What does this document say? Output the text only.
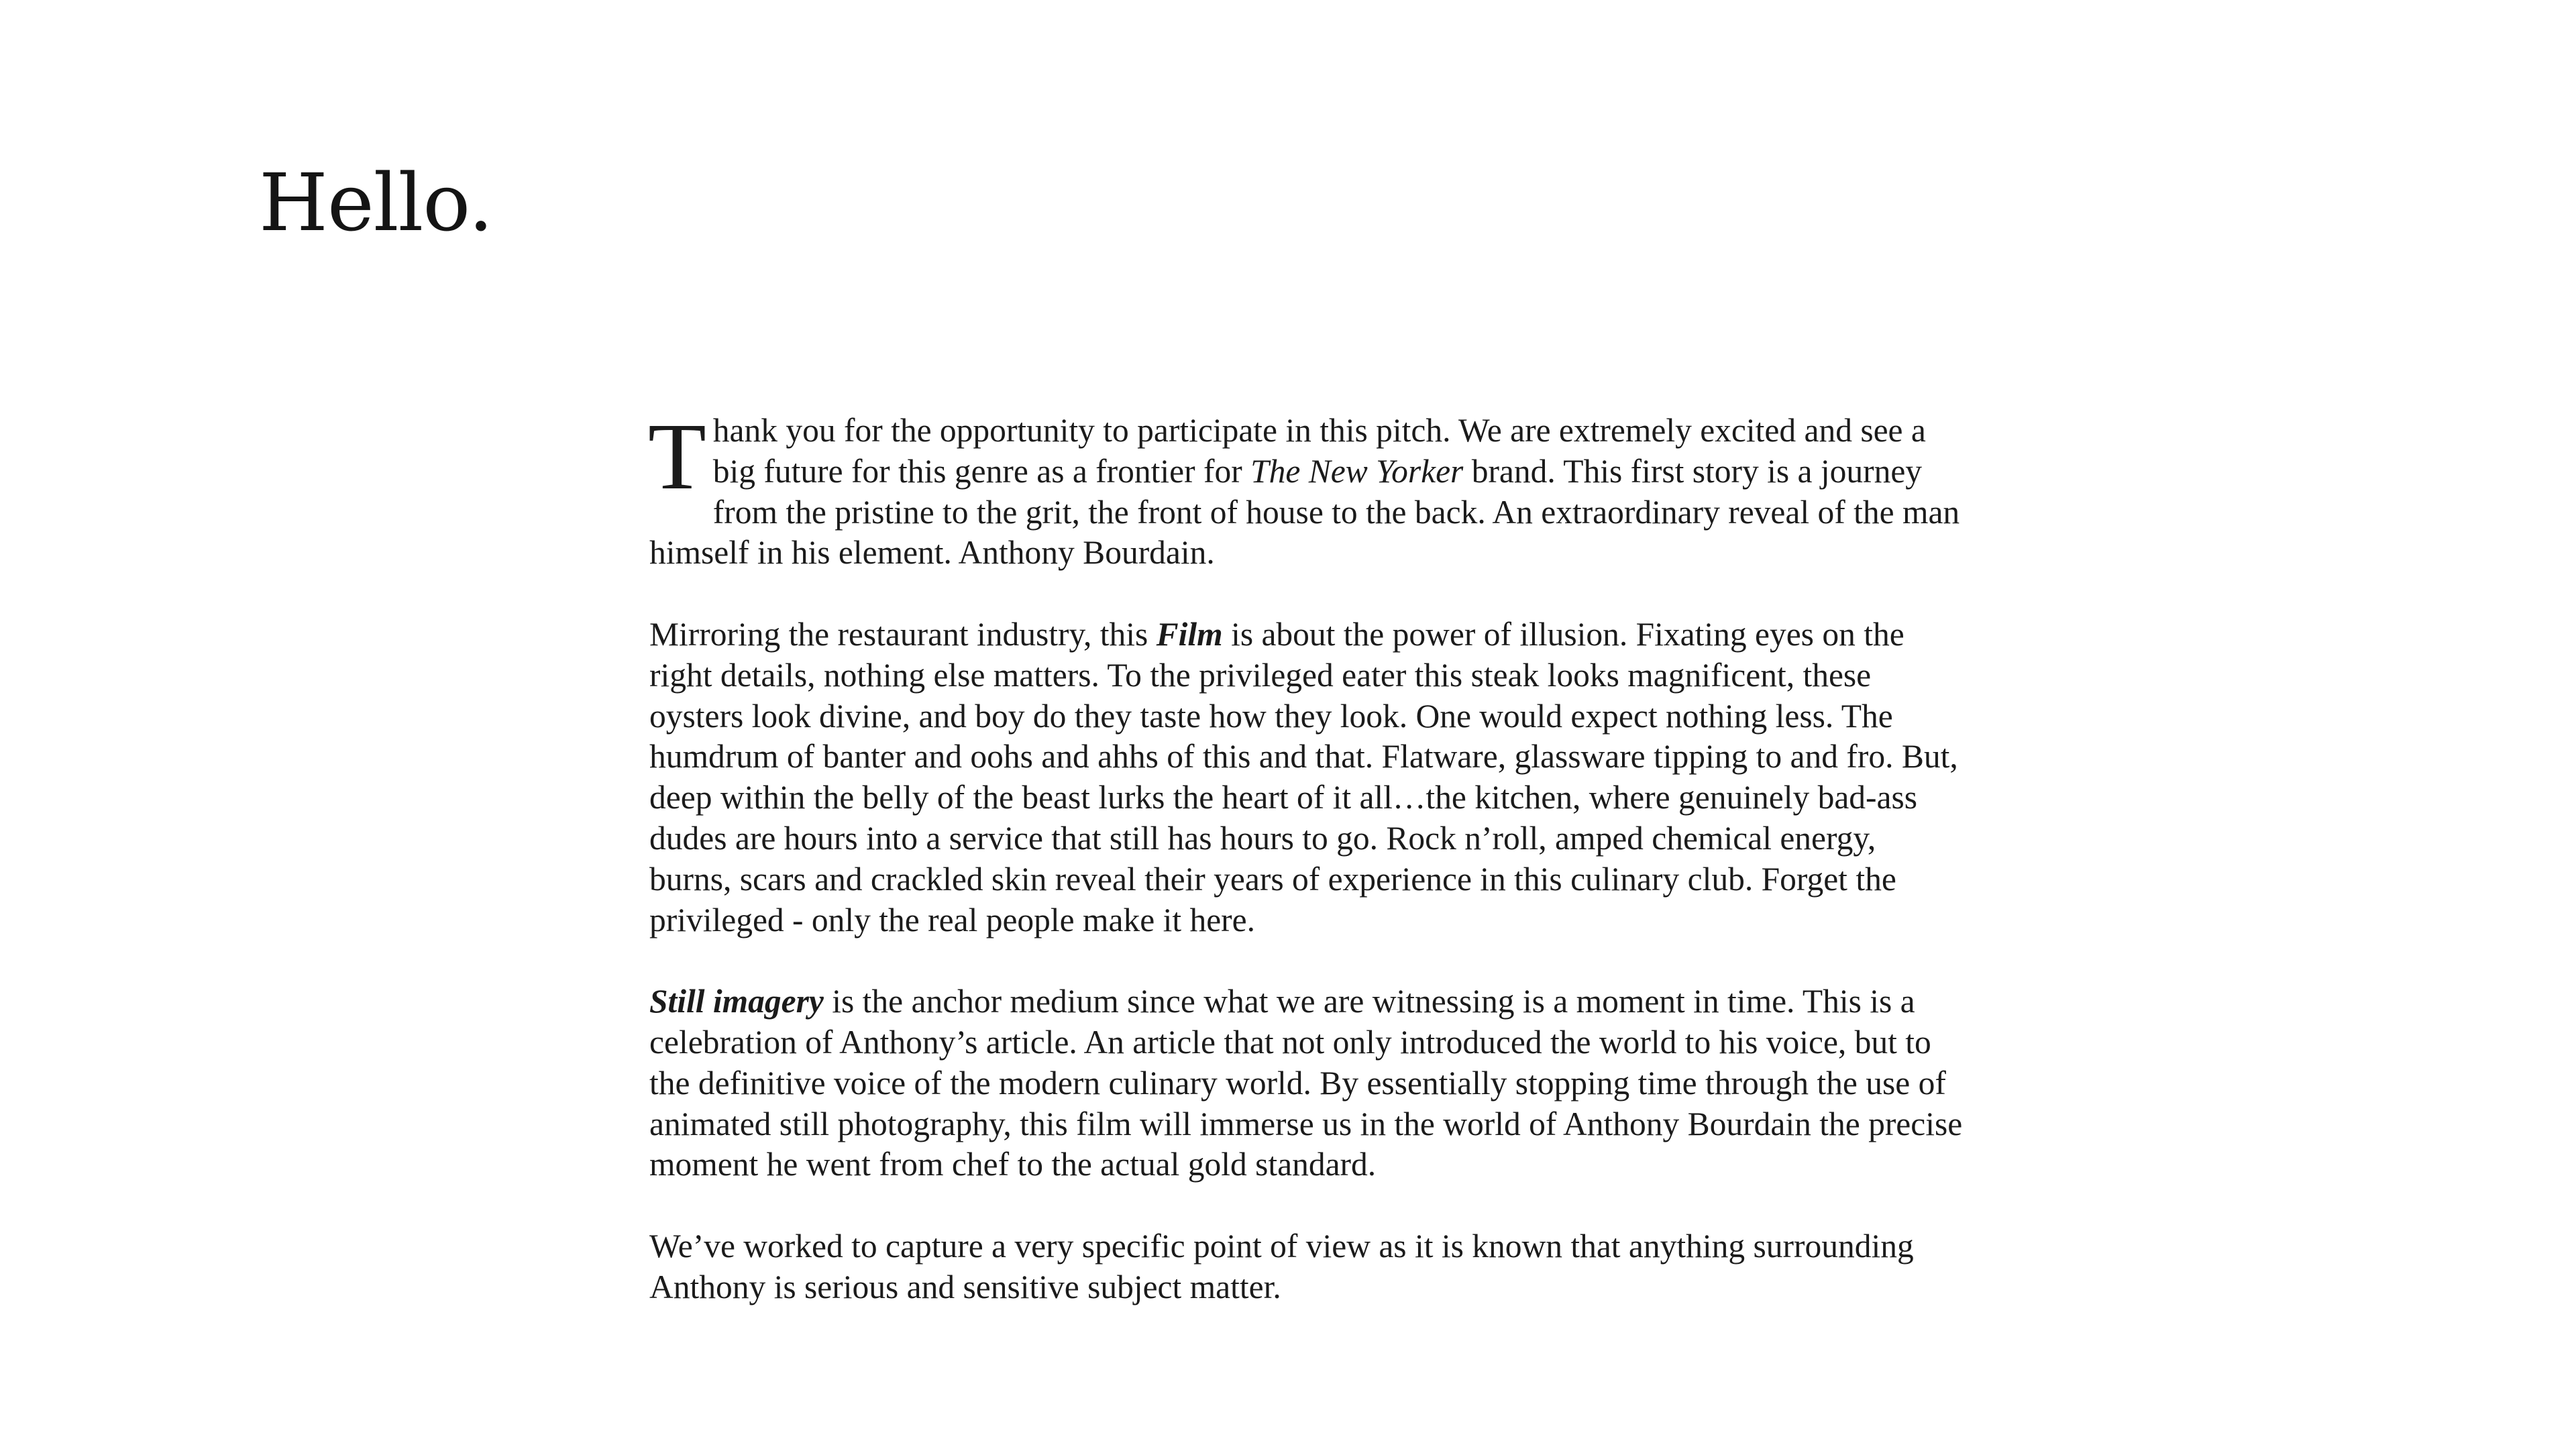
Hello.

Thank you for the opportunity to participate in this pitch. We are extremely excited and see a big future for this genre as a frontier for The New Yorker brand. This first story is a journey from the pristine to the grit, the front of house to the back. An extraordinary reveal of the man himself in his element. Anthony Bourdain.

Mirroring the restaurant industry, this Film is about the power of illusion. Fixating eyes on the right details, nothing else matters. To the privileged eater this steak looks magnificent, these oysters look divine, and boy do they taste how they look. One would expect nothing less. The humdrum of banter and oohs and ahhs of this and that. Flatware, glassware tipping to and fro. But, deep within the belly of the beast lurks the heart of it all…the kitchen, where genuinely bad-ass dudes are hours into a service that still has hours to go. Rock n’roll, amped chemical energy, burns, scars and crackled skin reveal their years of experience in this culinary club. Forget the privileged - only the real people make it here.

Still imagery is the anchor medium since what we are witnessing is a moment in time. This is a celebration of Anthony’s article. An article that not only introduced the world to his voice, but to the definitive voice of the modern culinary world. By essentially stopping time through the use of animated still photography, this film will immerse us in the world of Anthony Bourdain the precise moment he went from chef to the actual gold standard.

We’ve worked to capture a very specific point of view as it is known that anything surrounding Anthony is serious and sensitive subject matter.
